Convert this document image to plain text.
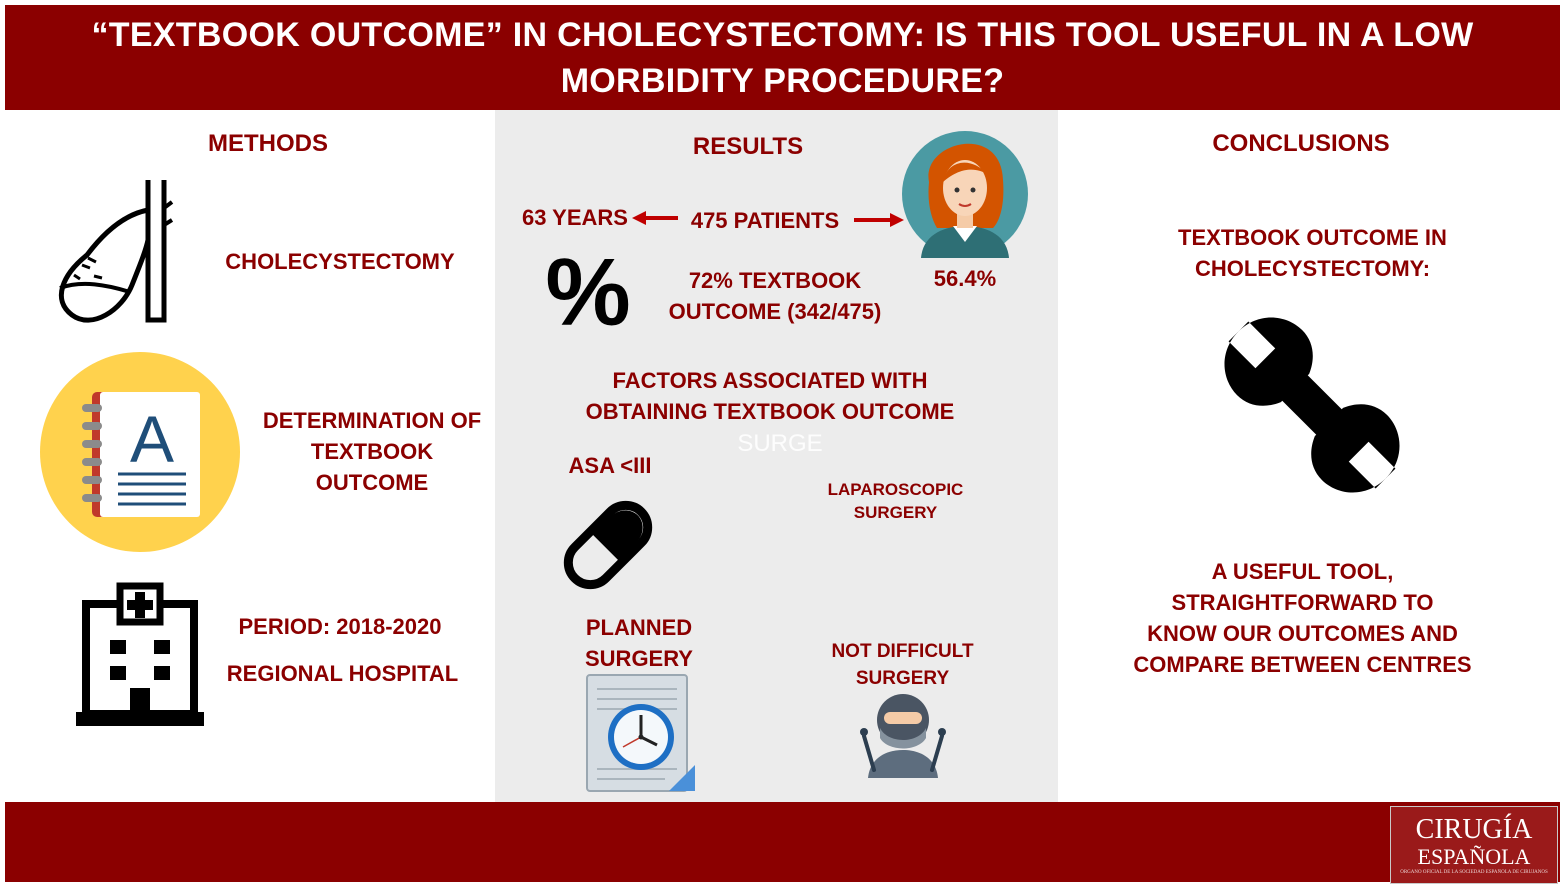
“TEXTBOOK OUTCOME” IN CHOLECYSTECTOMY: IS THIS TOOL USEFUL IN A LOW MORBIDITY PROCEDURE?
METHODS
CHOLECYSTECTOMY
A	DETERMINATION OF TEXTBOOK OUTCOME
PERIOD: 2018-2020
REGIONAL HOSPITAL
RESULTS
63 YEARS	475 PATIENTS
56.4%
%	72% TEXTBOOK
OUTCOME (342/475)
FACTORS ASSOCIATED WITH
OBTAINING TEXTBOOK OUTCOME
SURGE
ASA <III
LAPAROSCOPIC
SURGERY
PLANNED SURGERY	NOT DIFFICULT
SURGERY
CONCLUSIONS
TEXTBOOK OUTCOME IN
CHOLECYSTECTOMY:
A USEFUL TOOL,
STRAIGHTFORWARD TO
KNOW OUR OUTCOMES AND
COMPARE BETWEEN CENTRES
CIRUGÍA
ESPAÑOLA
ÓRGANO OFICIAL DE LA SOCIEDAD ESPAÑOLA DE CIRUJANOS
